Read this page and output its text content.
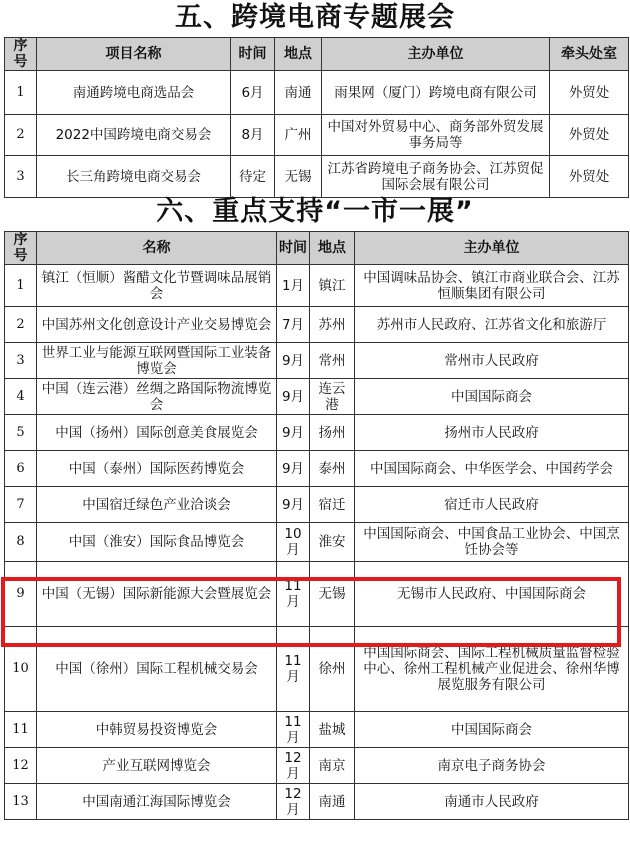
五、跨境电商专题展会
序号	项目名称	时间	地点	主办单位	牵头处室
1	南通跨境电商选品会	6月	南通	雨果网（厦门）跨境电商有限公司	外贸处
2	2022中国跨境电商交易会	8月	广州	中国对外贸易中心、商务部外贸发展事务局等	外贸处
3	长三角跨境电商交易会	待定	无锡	江苏省跨境电子商务协会、江苏贸促国际会展有限公司	外贸处
六、重点支持“一市一展”
序号	名称	时间	地点	主办单位
1	镇江（恒顺）酱醋文化节暨调味品展销会	1月	镇江	中国调味品协会、镇江市商业联合会、江苏恒顺集团有限公司
2	中国苏州文化创意设计产业交易博览会	7月	苏州	苏州市人民政府、江苏省文化和旅游厅
3	世界工业与能源互联网暨国际工业装备博览会	9月	常州	常州市人民政府
4	中国（连云港）丝绸之路国际物流博览会	9月	连云港	中国国际商会
5	中国（扬州）国际创意美食展览会	9月	扬州	扬州市人民政府
6	中国（泰州）国际医药博览会	9月	泰州	中国国际商会、中华医学会、中国药学会
7	中国宿迁绿色产业洽谈会	9月	宿迁	宿迁市人民政府
8	中国（淮安）国际食品博览会	10月	淮安	中国国际商会、中国食品工业协会、中国烹饪协会等
9	中国（无锡）国际新能源大会暨展览会	11月	无锡	无锡市人民政府、中国国际商会
10	中国（徐州）国际工程机械交易会	11月	徐州	中国国际商会、国际工程机械质量监督检验中心、徐州工程机械产业促进会、徐州华博展览服务有限公司
11	中韩贸易投资博览会	11月	盐城	中国国际商会
12	产业互联网博览会	12月	南京	南京电子商务协会
13	中国南通江海国际博览会	12月	南通	南通市人民政府
